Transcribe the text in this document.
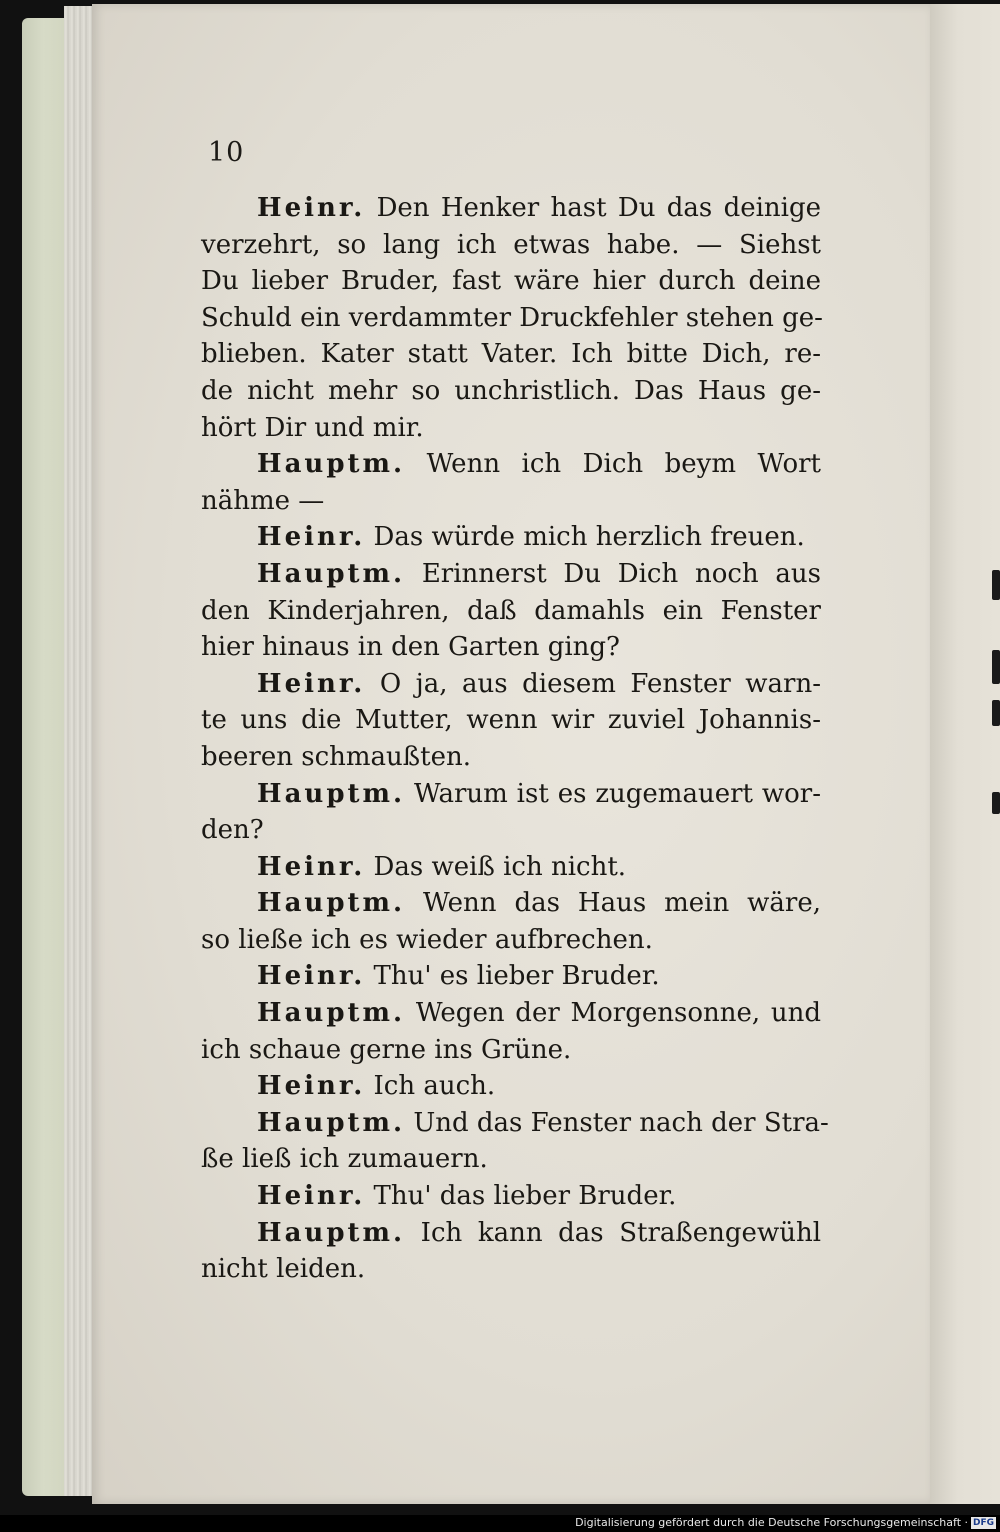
10
Heinr. Den Henker hast Du das deinige
verzehrt, so lang ich etwas habe. — Siehst
Du lieber Bruder, fast wäre hier durch deine
Schuld ein verdammter Druckfehler stehen ge-
blieben. Kater statt Vater. Ich bitte Dich, re-
de nicht mehr so unchristlich. Das Haus ge-
hört Dir und mir.
Hauptm. Wenn ich Dich beym Wort
nähme —
Heinr. Das würde mich herzlich freuen.
Hauptm. Erinnerst Du Dich noch aus
den Kinderjahren, daß damahls ein Fenster
hier hinaus in den Garten ging?
Heinr. O ja, aus diesem Fenster warn-
te uns die Mutter, wenn wir zuviel Johannis-
beeren schmaußten.
Hauptm. Warum ist es zugemauert wor-
den?
Heinr. Das weiß ich nicht.
Hauptm. Wenn das Haus mein wäre,
so ließe ich es wieder aufbrechen.
Heinr. Thu' es lieber Bruder.
Hauptm. Wegen der Morgensonne, und
ich schaue gerne ins Grüne.
Heinr. Ich auch.
Hauptm. Und das Fenster nach der Stra-
ße ließ ich zumauern.
Heinr. Thu' das lieber Bruder.
Hauptm. Ich kann das Straßengewühl
nicht leiden.
Digitalisierung gefördert durch die Deutsche Forschungsgemeinschaft · DFG
